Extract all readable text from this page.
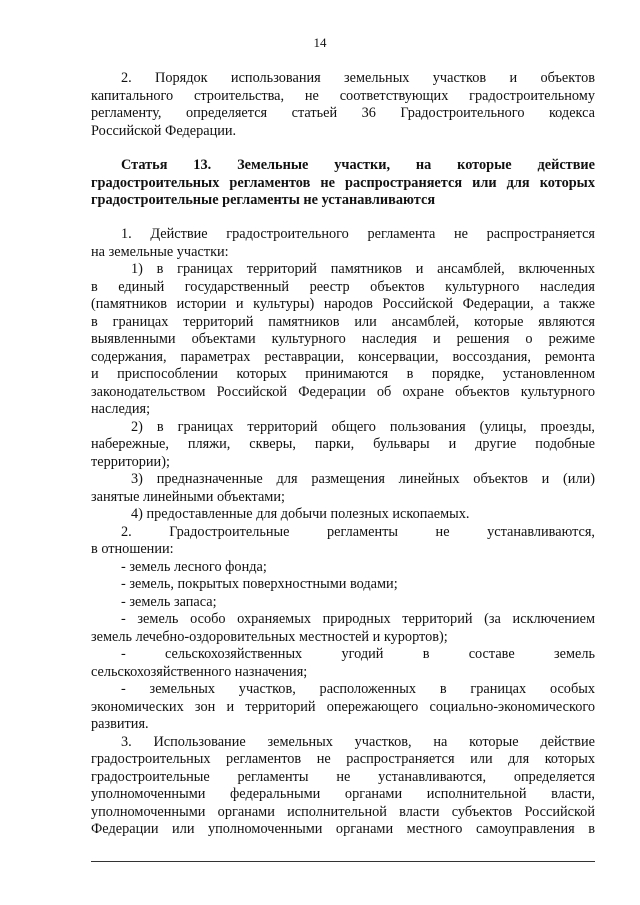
14
2. Порядок использования земельных участков и объектов
капитального строительства, не соответствующих градостроительному
регламенту, определяется статьей 36 Градостроительного кодекса
Российской Федерации.
Статья 13. Земельные участки, на которые действие
градостроительных регламентов не распространяется или для которых
градостроительные регламенты не устанавливаются
1. Действие градостроительного регламента не распространяется
на земельные участки:
1) в границах территорий памятников и ансамблей, включенных
в единый государственный реестр объектов культурного наследия
(памятников истории и культуры) народов Российской Федерации, а также
в границах территорий памятников или ансамблей, которые являются
выявленными объектами культурного наследия и решения о режиме
содержания, параметрах реставрации, консервации, воссоздания, ремонта
и приспособлении которых принимаются в порядке, установленном
законодательством Российской Федерации об охране объектов культурного
наследия;
2) в границах территорий общего пользования (улицы, проезды,
набережные, пляжи, скверы, парки, бульвары и другие подобные
территории);
3) предназначенные для размещения линейных объектов и (или)
занятые линейными объектами;
4) предоставленные для добычи полезных ископаемых.
2. Градостроительные регламенты не устанавливаются,
в отношении:
- земель лесного фонда;
- земель, покрытых поверхностными водами;
- земель запаса;
- земель особо охраняемых природных территорий (за исключением
земель лечебно-оздоровительных местностей и курортов);
- сельскохозяйственных угодий в составе земель
сельскохозяйственного назначения;
- земельных участков, расположенных в границах особых
экономических зон и территорий опережающего социально-экономического
развития.
3. Использование земельных участков, на которые действие
градостроительных регламентов не распространяется или для которых
градостроительные регламенты не устанавливаются, определяется
уполномоченными федеральными органами исполнительной власти,
уполномоченными органами исполнительной власти субъектов Российской
Федерации или уполномоченными органами местного самоуправления в
